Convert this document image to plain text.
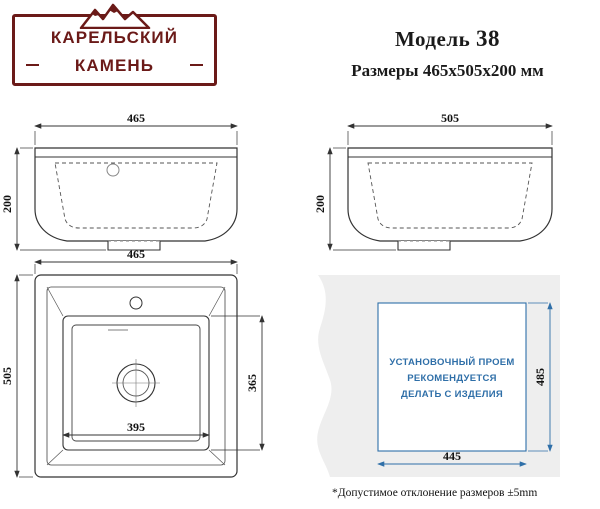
КАРЕЛЬСКИЙ
КАМЕНЬ
Модель 38
Размеры 465x505x200 мм
465
200
505
200
465
505
395
365
УСТАНОВОЧНЫЙ ПРОЕМ
РЕКОМЕНДУЕТСЯ
ДЕЛАТЬ С ИЗДЕЛИЯ
445
485
*Допустимое отклонение размеров ±5mm
